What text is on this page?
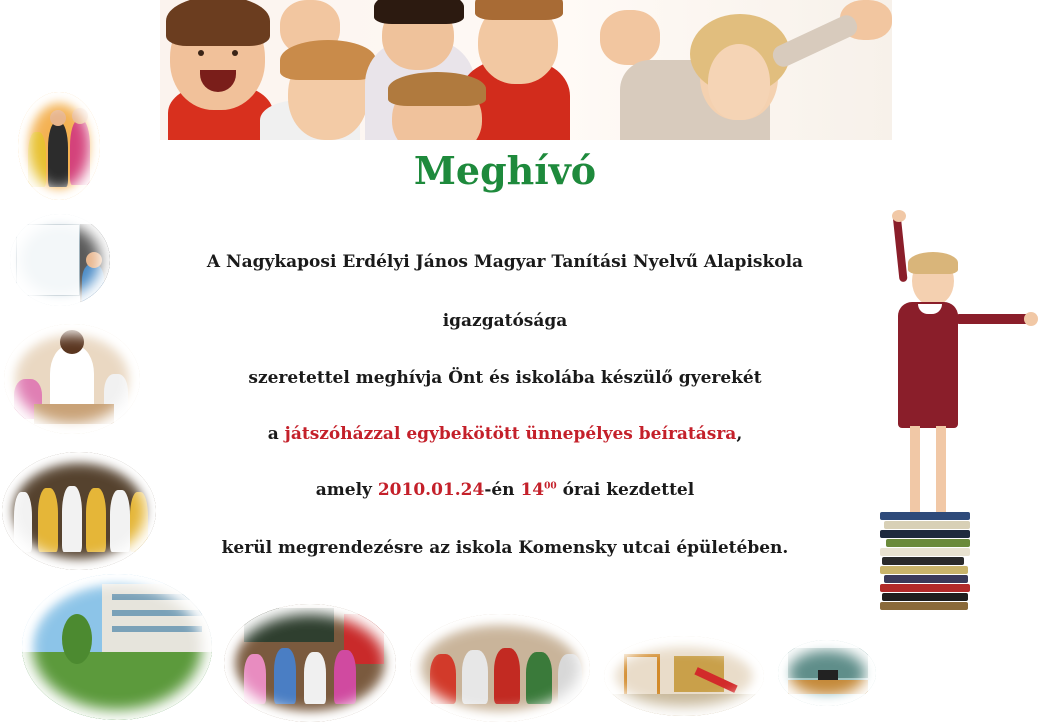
Meghívó
A Nagykaposi Erdélyi János Magyar Tanítási Nyelvű Alapiskola
igazgatósága
szeretettel meghívja Önt és iskolába készülő gyerekét
a játszóházzal egybekötött ünnepélyes beíratásra,
amely 2010.01.24-én $14^{00}$ órai kezdettel
kerül megrendezésre az iskola Komensky utcai épületében.
